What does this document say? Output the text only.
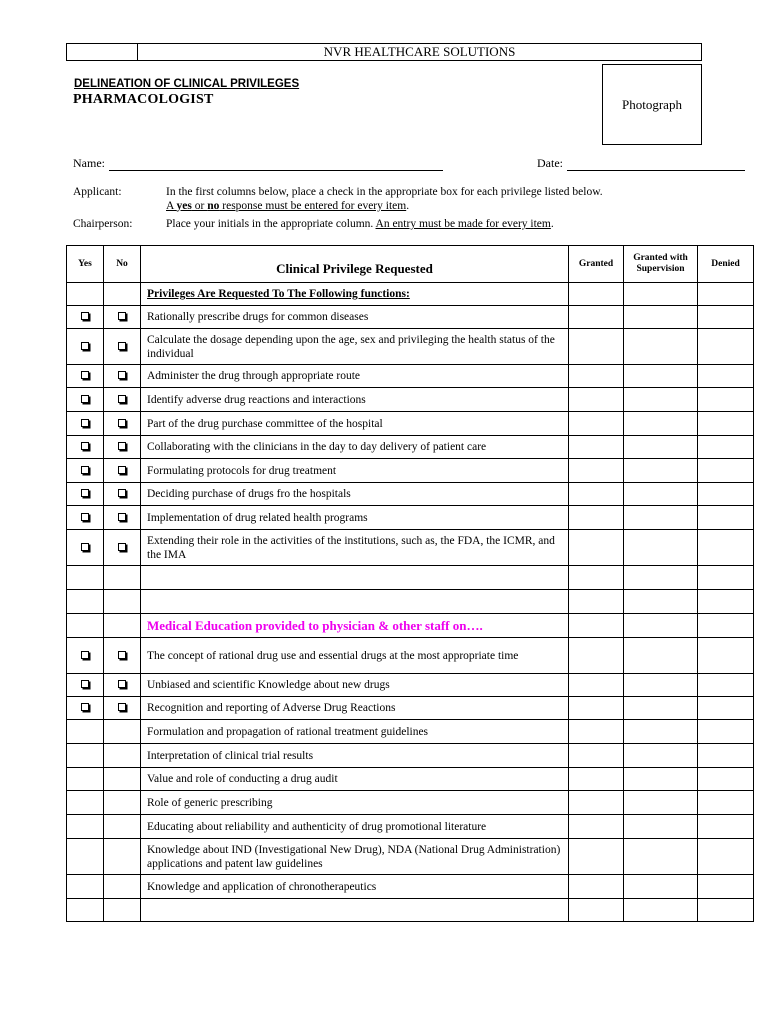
NVR HEALTHCARE SOLUTIONS
DELINEATION OF CLINICAL PRIVILEGES
PHARMACOLOGIST	Photograph
Name:	Date:
Applicant:	In the first columns below, place a check in the appropriate box for each privilege listed below.
A yes or no response must be entered for every item.
Chairperson:	Place your initials in the appropriate column. An entry must be made for every item.
Yes	No	Clinical Privilege Requested	Granted	Granted with Supervision	Denied
		Privileges Are Requested To The Following functions:			
		Rationally prescribe drugs for common diseases			
		Calculate the dosage depending upon the age, sex and privileging the health status of the individual			
		Administer the drug through appropriate route			
		Identify adverse drug reactions and interactions			
		Part of the drug purchase committee of the hospital			
		Collaborating with the clinicians in the day to day delivery of patient care			
		Formulating protocols for drug treatment			
		Deciding purchase of drugs fro the hospitals			
		Implementation of drug related health programs			
		Extending their role in the activities of the institutions, such as, the FDA, the ICMR, and the IMA			

		Medical Education provided to physician & other staff on….			
		The concept of rational drug use and essential drugs at the most appropriate time			
		Unbiased and scientific Knowledge about new drugs			
		Recognition and reporting of Adverse Drug Reactions			
		Formulation and propagation of rational treatment guidelines			
		Interpretation of clinical trial results			
		Value and role of conducting a drug audit			
		Role of generic prescribing			
		Educating about reliability and authenticity of drug promotional literature			
		Knowledge about IND (Investigational New Drug), NDA (National Drug Administration) applications and patent law guidelines			
		Knowledge and application of chronotherapeutics			
